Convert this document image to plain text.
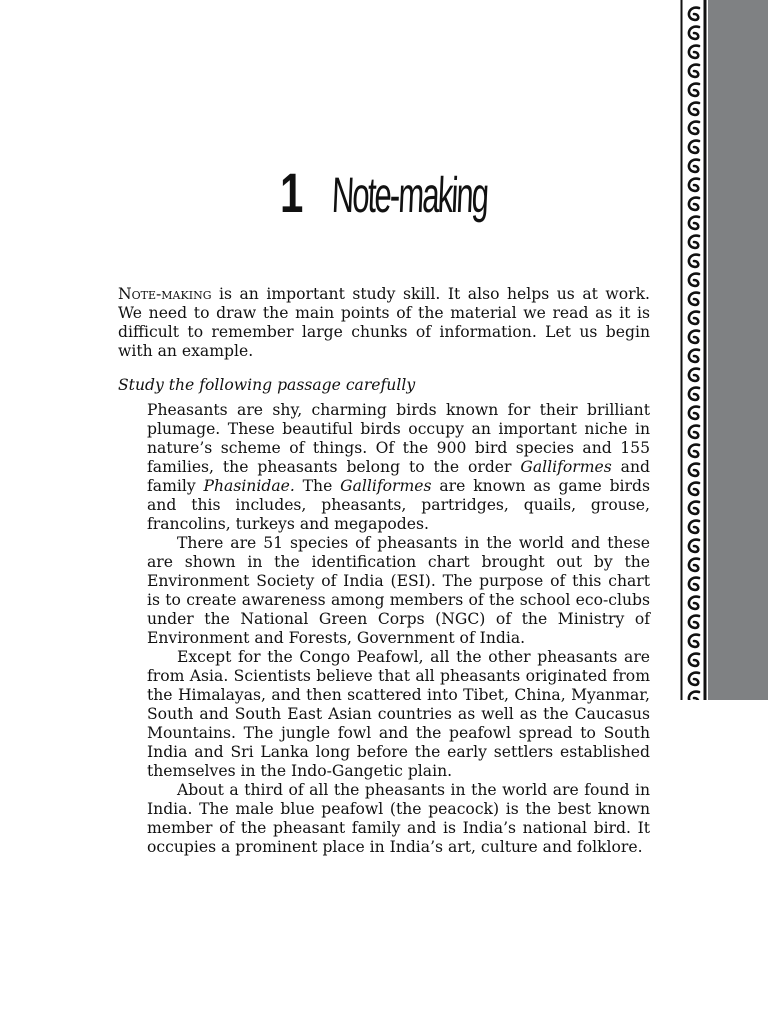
1 Note-making

Note-making is an important study skill. It also helps us at work. We need to draw the main points of the material we read as it is difficult to remember large chunks of information. Let us begin with an example.

Study the following passage carefully

Pheasants are shy, charming birds known for their brilliant plumage. These beautiful birds occupy an important niche in nature’s scheme of things. Of the 900 bird species and 155 families, the pheasants belong to the order Galliformes and family Phasinidae. The Galliformes are known as game birds and this includes, pheasants, partridges, quails, grouse, francolins, turkeys and megapodes.

There are 51 species of pheasants in the world and these are shown in the identification chart brought out by the Environment Society of India (ESI). The purpose of this chart is to create awareness among members of the school eco-clubs under the National Green Corps (NGC) of the Ministry of Environment and Forests, Government of India.

Except for the Congo Peafowl, all the other pheasants are from Asia. Scientists believe that all pheasants originated from the Himalayas, and then scattered into Tibet, China, Myanmar, South and South East Asian countries as well as the Caucasus Mountains. The jungle fowl and the peafowl spread to South India and Sri Lanka long before the early settlers established themselves in the Indo-Gangetic plain.

About a third of all the pheasants in the world are found in India. The male blue peafowl (the peacock) is the best known member of the pheasant family and is India’s national bird. It occupies a prominent place in India’s art, culture and folklore.
